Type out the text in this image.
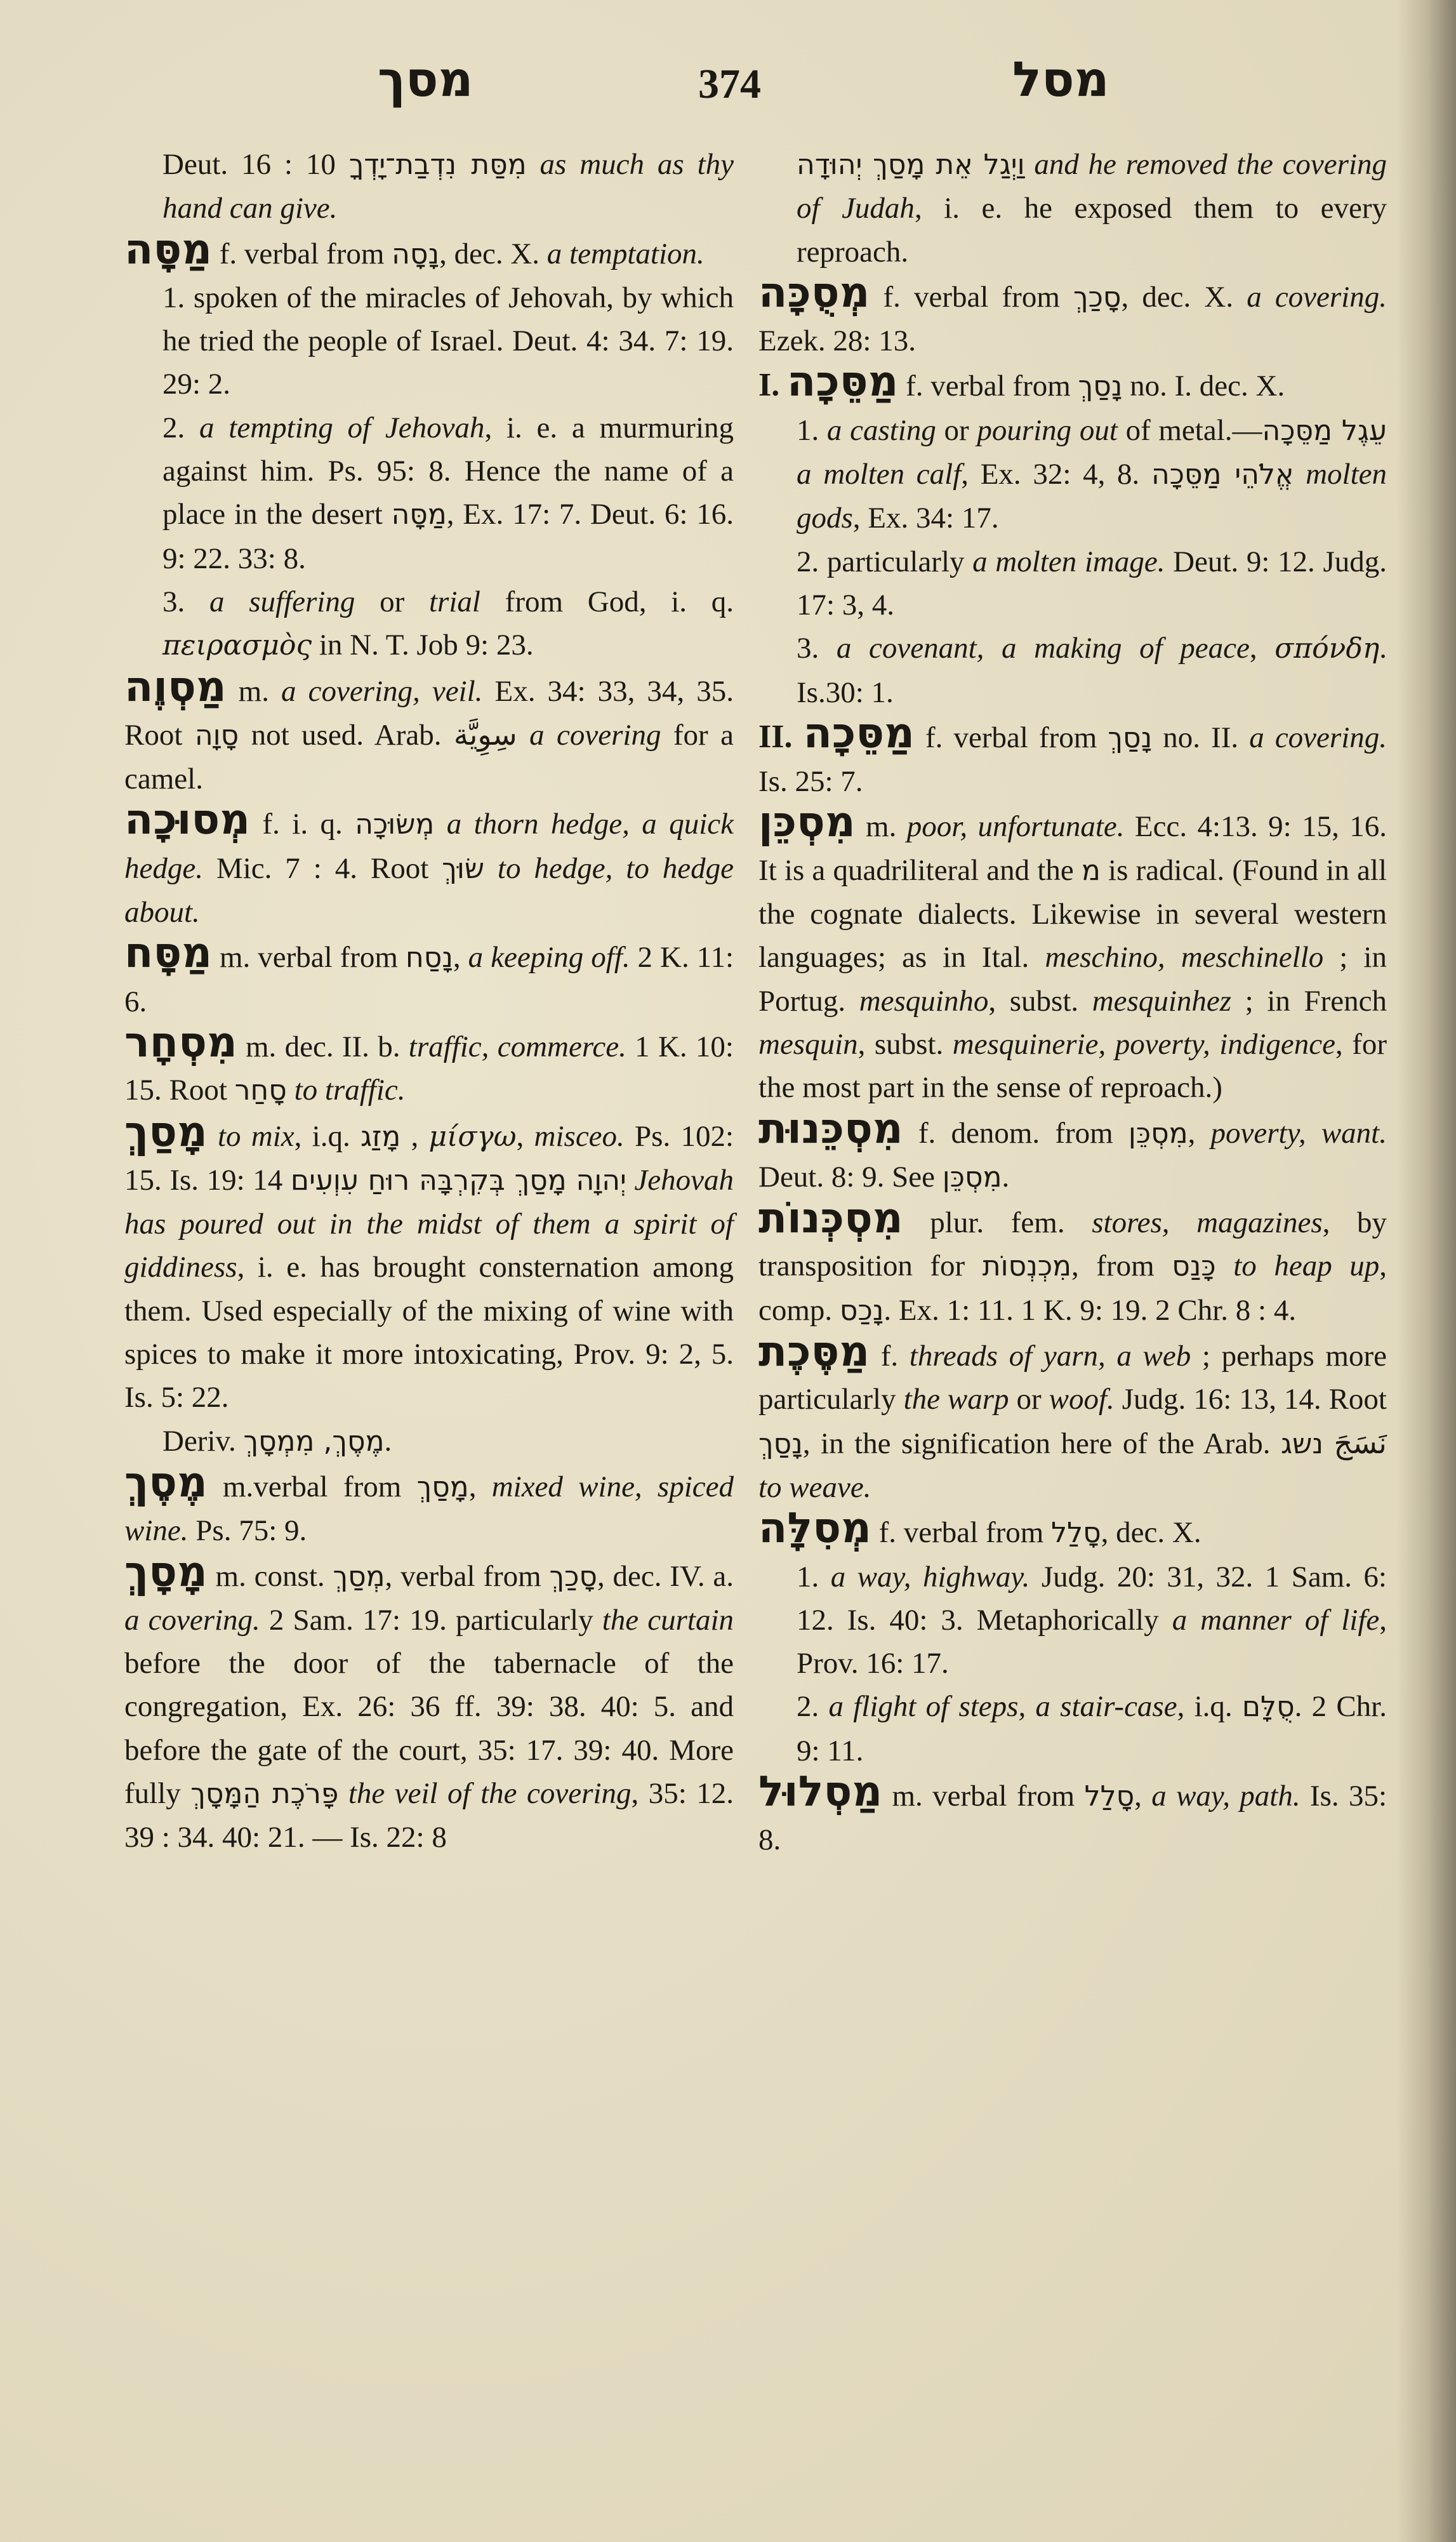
מסך	374	מסל

Deut. 16 : 10 מִסַּת נִדְבַת־יָדְךָ as much as thy hand can give.

מַסָּה f. verbal from נָסָה, dec. X. a temptation.

1. spoken of the miracles of Jehovah, by which he tried the people of Israel. Deut. 4: 34. 7: 19. 29: 2.

2. a tempting of Jehovah, i. e. a murmuring against him. Ps. 95: 8. Hence the name of a place in the desert מַסָּה, Ex. 17: 7. Deut. 6: 16. 9: 22. 33: 8.

3. a suffering or trial from God, i. q. πειρασμὸς in N. T. Job 9: 23.

מַסְוֶה m. a covering, veil. Ex. 34: 33, 34, 35. Root סָוָה not used. Arab. سِوِيَّة a covering for a camel.

מְסוּכָה f. i. q. מְשׂוּכָה a thorn hedge, a quick hedge. Mic. 7 : 4. Root שׂוּךְ to hedge, to hedge about.

מַסָּח m. verbal from נָסַח, a keeping off. 2 K. 11: 6.

מִסְחָר m. dec. II. b. traffic, commerce. 1 K. 10: 15. Root סָחַר to traffic.

מָסַךְ to mix, i.q. מָזַג , μίσγω, misceo. Ps. 102: 15. Is. 19: 14 יְהוָה מָסַךְ בְּקִרְבָּהּ רוּחַ עִוְעִים Jehovah has poured out in the midst of them a spirit of giddiness, i. e. has brought consternation among them. Used especially of the mixing of wine with spices to make it more intoxicating, Prov. 9: 2, 5. Is. 5: 22.

Deriv. מֶסֶךְ, מִמְסָךְ.

מֶסֶךְ m.verbal from מָסַךְ, mixed wine, spiced wine. Ps. 75: 9.

מָסָךְ m. const. מְסַךְ, verbal from סָכַךְ, dec. IV. a. a covering. 2 Sam. 17: 19. particularly the curtain before the door of the tabernacle of the congregation, Ex. 26: 36 ff. 39: 38. 40: 5. and before the gate of the court, 35: 17. 39: 40. More fully פָּרֹכֶת הַמָּסָךְ the veil of the covering, 35: 12. 39 : 34. 40: 21. — Is. 22: 8

וַיְגַל אֵת מָסַךְ יְהוּדָה and he removed the covering of Judah, i. e. he exposed them to every reproach.

מְסֻכָּה f. verbal from סָכַךְ, dec. X. a covering. Ezek. 28: 13.

I. מַסֵּכָה f. verbal from נָסַךְ no. I. dec. X.

1. a casting or pouring out of metal.—עֵגֶל מַסֵּכָה a molten calf, Ex. 32: 4, 8. אֱלֹהֵי מַסֵּכָה molten gods, Ex. 34: 17.

2. particularly a molten image. Deut. 9: 12. Judg. 17: 3, 4.

3. a covenant, a making of peace, σπόνδη. Is.30: 1.

II. מַסֵּכָה f. verbal from נָסַךְ no. II. a covering. Is. 25: 7.

מִסְכֵּן m. poor, unfortunate. Ecc. 4:13. 9: 15, 16. It is a quadriliteral and the מ is radical. (Found in all the cognate dialects. Likewise in several western languages; as in Ital. meschino, meschinello ; in Portug. mesquinho, subst. mesquinhez ; in French mesquin, subst. mesquinerie, poverty, indigence, for the most part in the sense of reproach.)

מִסְכֵּנוּת f. denom. from מִסְכֵּן, poverty, want. Deut. 8: 9. See מִסְכֵּן.

מִסְכְּנוֹת plur. fem. stores, magazines, by transposition for מִכְנְסוֹת, from כָּנַס to heap up, comp. נָכַס. Ex. 1: 11. 1 K. 9: 19. 2 Chr. 8 : 4.

מַסֶּכֶת f. threads of yarn, a web ; perhaps more particularly the warp or woof. Judg. 16: 13, 14. Root נָסַךְ, in the signification here of the Arab. נשג نَسَجَ to weave.

מְסִלָּה f. verbal from סָלַל, dec. X.

1. a way, highway. Judg. 20: 31, 32. 1 Sam. 6: 12. Is. 40: 3. Metaphorically a manner of life, Prov. 16: 17.

2. a flight of steps, a stair-case, i.q. סֻלָּם. 2 Chr. 9: 11.

מַסְלוּל m. verbal from סָלַל, a way, path. Is. 35: 8.
